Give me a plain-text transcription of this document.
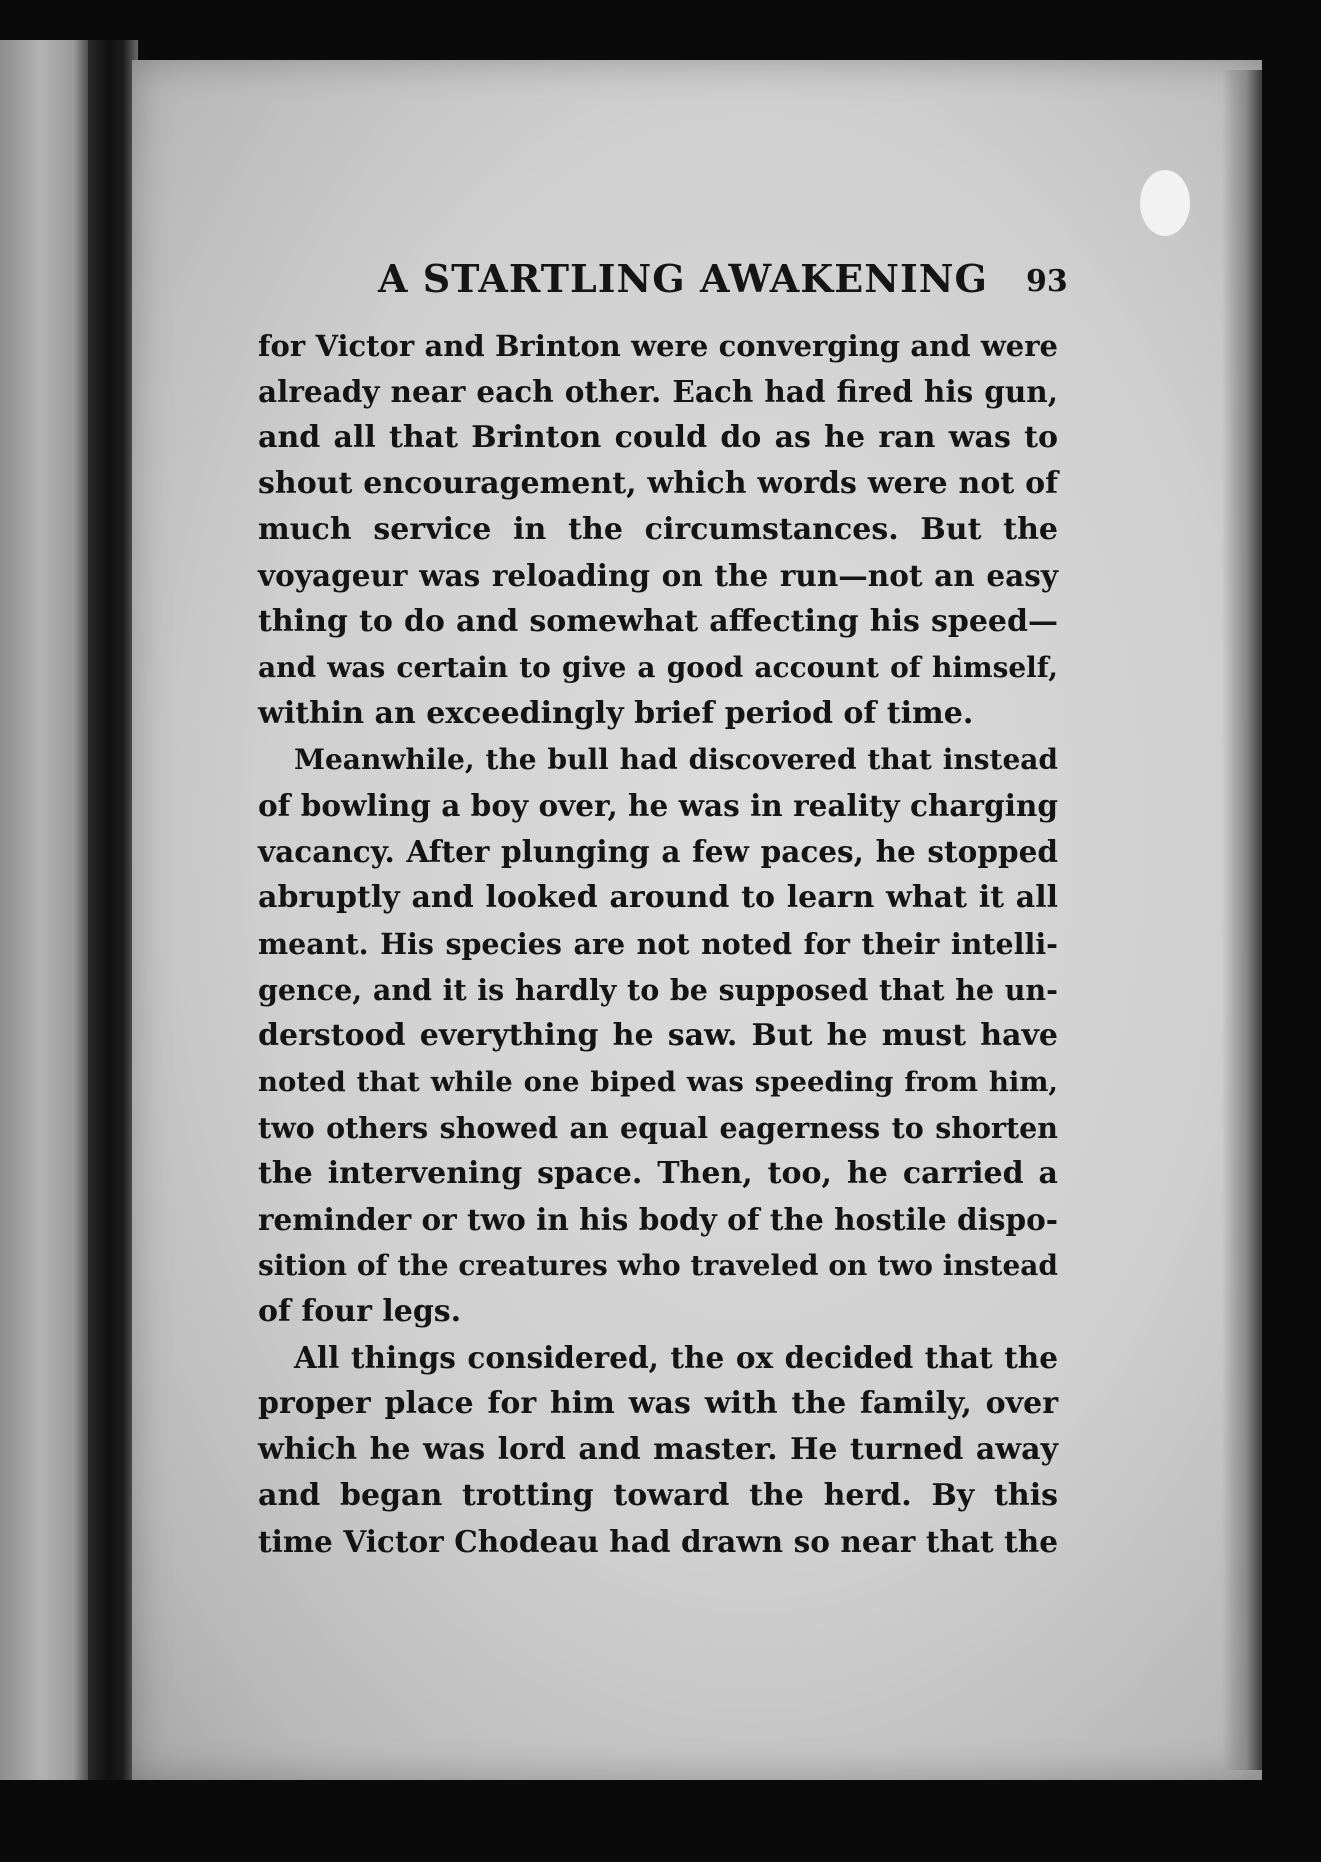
A STARTLING AWAKENING 93
for Victor and Brinton were converging and were
already near each other. Each had fired his gun,
and all that Brinton could do as he ran was to
shout encouragement, which words were not of
much service in the circumstances. But the
voyageur was reloading on the run—not an easy
thing to do and somewhat affecting his speed—
and was certain to give a good account of himself,
within an exceedingly brief period of time.
Meanwhile, the bull had discovered that instead
of bowling a boy over, he was in reality charging
vacancy. After plunging a few paces, he stopped
abruptly and looked around to learn what it all
meant. His species are not noted for their intelli-
gence, and it is hardly to be supposed that he un-
derstood everything he saw. But he must have
noted that while one biped was speeding from him,
two others showed an equal eagerness to shorten
the intervening space. Then, too, he carried a
reminder or two in his body of the hostile dispo-
sition of the creatures who traveled on two instead
of four legs.
All things considered, the ox decided that the
proper place for him was with the family, over
which he was lord and master. He turned away
and began trotting toward the herd. By this
time Victor Chodeau had drawn so near that the
